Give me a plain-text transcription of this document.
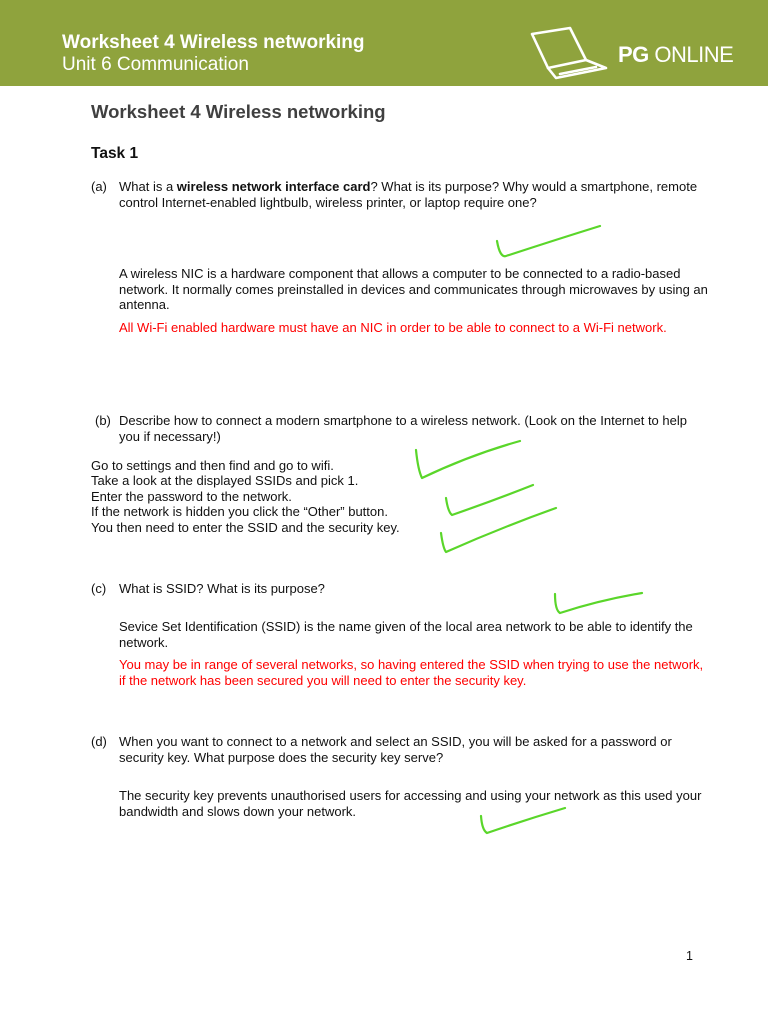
Worksheet 4 Wireless networking
Unit 6 Communication	PG ONLINE
Worksheet 4 Wireless networking
Task 1
(a) What is a wireless network interface card? What is its purpose? Why would a smartphone, remote control Internet-enabled lightbulb, wireless printer, or laptop require one?
A wireless NIC is a hardware component that allows a computer to be connected to a radio-based network. It normally comes preinstalled in devices and communicates through microwaves by using an antenna.
All Wi-Fi enabled hardware must have an NIC in order to be able to connect to a Wi-Fi network.
(b) Describe how to connect a modern smartphone to a wireless network. (Look on the Internet to help you if necessary!)
Go to settings and then find and go to wifi.
Take a look at the displayed SSIDs and pick 1.
Enter the password to the network.
If the network is hidden you click the “Other” button.
You then need to enter the SSID and the security key.
(c) What is SSID? What is its purpose?
Sevice Set Identification (SSID) is the name given of the local area network to be able to identify the network.
You may be in range of several networks, so having entered the SSID when trying to use the network, if the network has been secured you will need to enter the security key.
(d) When you want to connect to a network and select an SSID, you will be asked for a password or security key. What purpose does the security key serve?
The security key prevents unauthorised users for accessing and using your network as this used your bandwidth and slows down your network.
1
